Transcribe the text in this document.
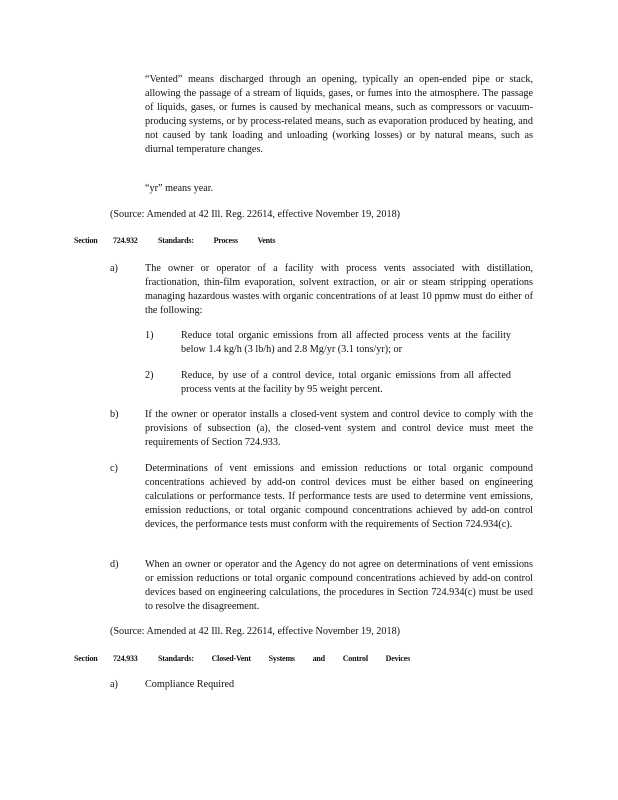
“Vented” means discharged through an opening, typically an open-ended pipe or stack, allowing the passage of a stream of liquids, gases, or fumes into the atmosphere. The passage of liquids, gases, or fumes is caused by mechanical means, such as compressors or vacuum-producing systems, or by process-related means, such as evaporation produced by heating, and not caused by tank loading and unloading (working losses) or by natural means, such as diurnal temperature changes.
“yr” means year.
(Source: Amended at 42 Ill. Reg. 22614, effective November 19, 2018)
Section 724.932	Standards: Process Vents
a)	The owner or operator of a facility with process vents associated with distillation, fractionation, thin-film evaporation, solvent extraction, or air or steam stripping operations managing hazardous wastes with organic concentrations of at least 10 ppmw must do either of the following:
1)	Reduce total organic emissions from all affected process vents at the facility below 1.4 kg/h (3 lb/h) and 2.8 Mg/yr (3.1 tons/yr); or
2)	Reduce, by use of a control device, total organic emissions from all affected process vents at the facility by 95 weight percent.
b)	If the owner or operator installs a closed-vent system and control device to comply with the provisions of subsection (a), the closed-vent system and control device must meet the requirements of Section 724.933.
c)	Determinations of vent emissions and emission reductions or total organic compound concentrations achieved by add-on control devices must be either based on engineering calculations or performance tests. If performance tests are used to determine vent emissions, emission reductions, or total organic compound concentrations achieved by add-on control devices, the performance tests must conform with the requirements of Section 724.934(c).
d)	When an owner or operator and the Agency do not agree on determinations of vent emissions or emission reductions or total organic compound concentrations achieved by add-on control devices based on engineering calculations, the procedures in Section 724.934(c) must be used to resolve the disagreement.
(Source: Amended at 42 Ill. Reg. 22614, effective November 19, 2018)
Section 724.933	Standards: Closed-Vent Systems and Control Devices
a)	Compliance Required
